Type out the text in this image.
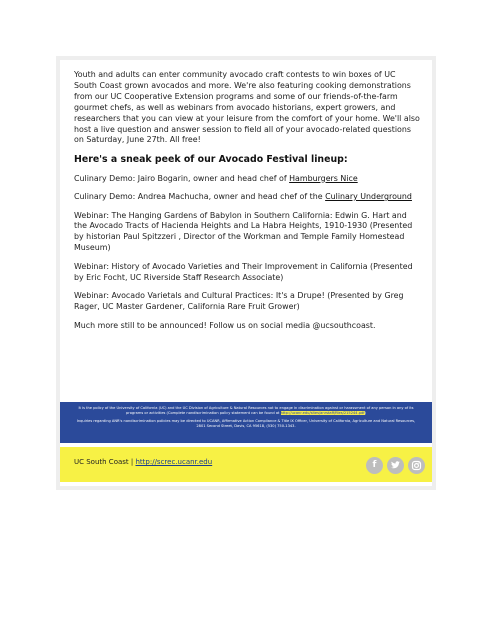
Youth and adults can enter community avocado craft contests to win boxes of UC South Coast grown avocados and more. We're also featuring cooking demonstrations from our UC Cooperative Extension programs and some of our friends-of-the-farm gourmet chefs, as well as webinars from avocado historians, expert growers, and researchers that you can view at your leisure from the comfort of your home. We'll also host a live question and answer session to field all of your avocado-related questions on Saturday, June 27th. All free!

Here's a sneak peek of our Avocado Festival lineup:

Culinary Demo: Jairo Bogarin, owner and head chef of Hamburgers Nice

Culinary Demo: Andrea Machucha, owner and head chef of the Culinary Underground

Webinar: The Hanging Gardens of Babylon in Southern California: Edwin G. Hart and the Avocado Tracts of Hacienda Heights and La Habra Heights, 1910-1930 (Presented by historian Paul Spitzzeri , Director of the Workman and Temple Family Homestead Museum)

Webinar: History of Avocado Varieties and Their Improvement in California (Presented by Eric Focht, UC Riverside Staff Research Associate)

Webinar: Avocado Varietals and Cultural Practices: It's a Drupe! (Presented by Greg Rager, UC Master Gardener, California Rare Fruit Grower)

Much more still to be announced! Follow us on social media @ucsouthcoast.

It is the policy of the University of California (UC) and the UC Division of Agriculture & Natural Resources not to engage in discrimination against or harassment of any person in any of its programs or activities (Complete nondiscrimination policy statement can be found at http://ucanr.edu/sites/anrstaff/files/215244.pdf)

Inquiries regarding ANR's nondiscrimination policies may be directed to UCANR, Affirmative Action Compliance & Title IX Officer, University of California, Agriculture and Natural Resources, 2801 Second Street, Davis, CA 95618, (530) 750-1343.

UC South Coast | http://screc.ucanr.edu	f
